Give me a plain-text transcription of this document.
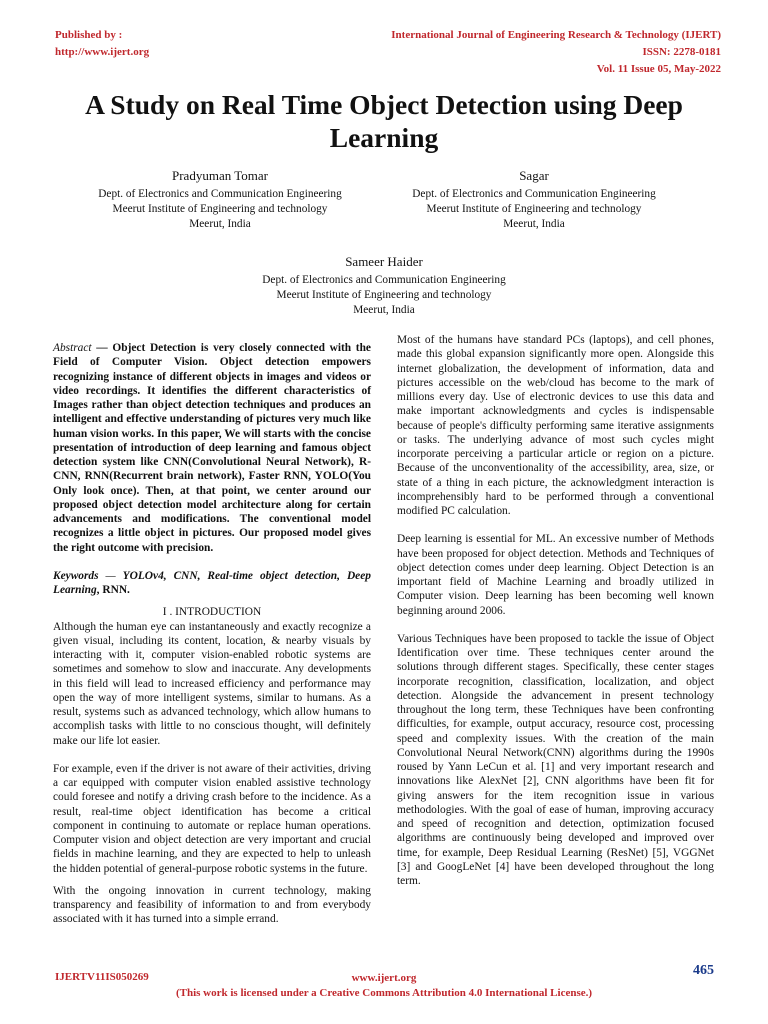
Published by :
http://www.ijert.org
International Journal of Engineering Research & Technology (IJERT)
ISSN: 2278-0181
Vol. 11 Issue 05, May-2022
A Study on Real Time Object Detection using Deep Learning
Pradyuman Tomar
Dept. of Electronics and Communication Engineering
Meerut Institute of Engineering and technology
Meerut, India
Sagar
Dept. of Electronics and Communication Engineering
Meerut Institute of Engineering and technology
Meerut, India
Sameer Haider
Dept. of Electronics and Communication Engineering
Meerut Institute of Engineering and technology
Meerut, India

Abstract — Object Detection is very closely connected with the Field of Computer Vision. Object detection empowers recognizing instance of different objects in images and videos or video recordings. It identifies the different characteristics of Images rather than object detection techniques and produces an intelligent and effective understanding of pictures very much like human vision works. In this paper, We will starts with the concise presentation of introduction of deep learning and famous object detection system like CNN(Convolutional Neural Network), R-CNN, RNN(Recurrent brain network), Faster RNN, YOLO(You Only look once). Then, at that point, we center around our proposed object detection model architecture along for certain advancements and modifications. The conventional model recognizes a little object in pictures. Our proposed model gives the right outcome with precision.

Keywords — YOLOv4, CNN, Real-time object detection, Deep Learning, RNN.

I . INTRODUCTION

Although the human eye can instantaneously and exactly recognize a given visual, including its content, location, & nearby visuals by interacting with it, computer vision-enabled robotic systems are sometimes and somehow to slow and inaccurate. Any developments in this field will lead to increased efficiency and performance may open the way of more intelligent systems, similar to humans. As a result, systems such as advanced technology, which allow humans to accomplish tasks with little to no conscious thought, will definitely make our life lot easier.

For example, even if the driver is not aware of their activities, driving a car equipped with computer vision enabled assistive technology could foresee and notify a driving crash before to the incidence. As a result, real-time object identification has become a critical component in continuing to automate or replace human operations. Computer vision and object detection are very important and crucial fields in machine learning, and they are expected to help to unleash the hidden potential of general-purpose robotic systems in the future.

With the ongoing innovation in current technology, making transparency and feasibility of information to and from everybody associated with it has turned into a simple errand.

Most of the humans have standard PCs (laptops), and cell phones, made this global expansion significantly more open. Alongside this internet globalization, the development of information, data and pictures accessible on the web/cloud has become to the mark of millions every day. Use of electronic devices to use this data and make important acknowledgments and cycles is indispensable because of people's difficulty performing same iterative assignments or tasks. The underlying advance of most such cycles might incorporate perceiving a particular article or region on a picture. Because of the unconventionality of the accessibility, area, size, or state of a thing in each picture, the acknowledgment interaction is incomprehensibly hard to be performed through a conventional modified PC calculation.

Deep learning is essential for ML. An excessive number of Methods have been proposed for object detection. Methods and Techniques of object detection comes under deep learning. Object Detection is an important field of Machine Learning and broadly utilized in Computer vision. Deep learning has been becoming well known beginning around 2006.

Various Techniques have been proposed to tackle the issue of Object Identification over time. These techniques center around the solutions through different stages. Specifically, these center stages incorporate recognition, classification, localization, and object detection. Alongside the advancement in present technology throughout the long term, these Techniques have been confronting difficulties, for example, output accuracy, resource cost, processing speed and complexity issues. With the creation of the main Convolutional Neural Network(CNN) algorithms during the 1990s roused by Yann LeCun et al. [1] and very important research and innovations like AlexNet [2], CNN algorithms have been fit for giving answers for the item recognition issue in various methodologies. With the goal of ease of human, improving accuracy and speed of recognition and detection, optimization focused algorithms are continuously being developed and improved over time, for example, Deep Residual Learning (ResNet) [5], VGGNet [3] and GoogLeNet [4] have been developed throughout the long term.

IJERTV11IS050269	www.ijert.org
(This work is licensed under a Creative Commons Attribution 4.0 International License.)
465
